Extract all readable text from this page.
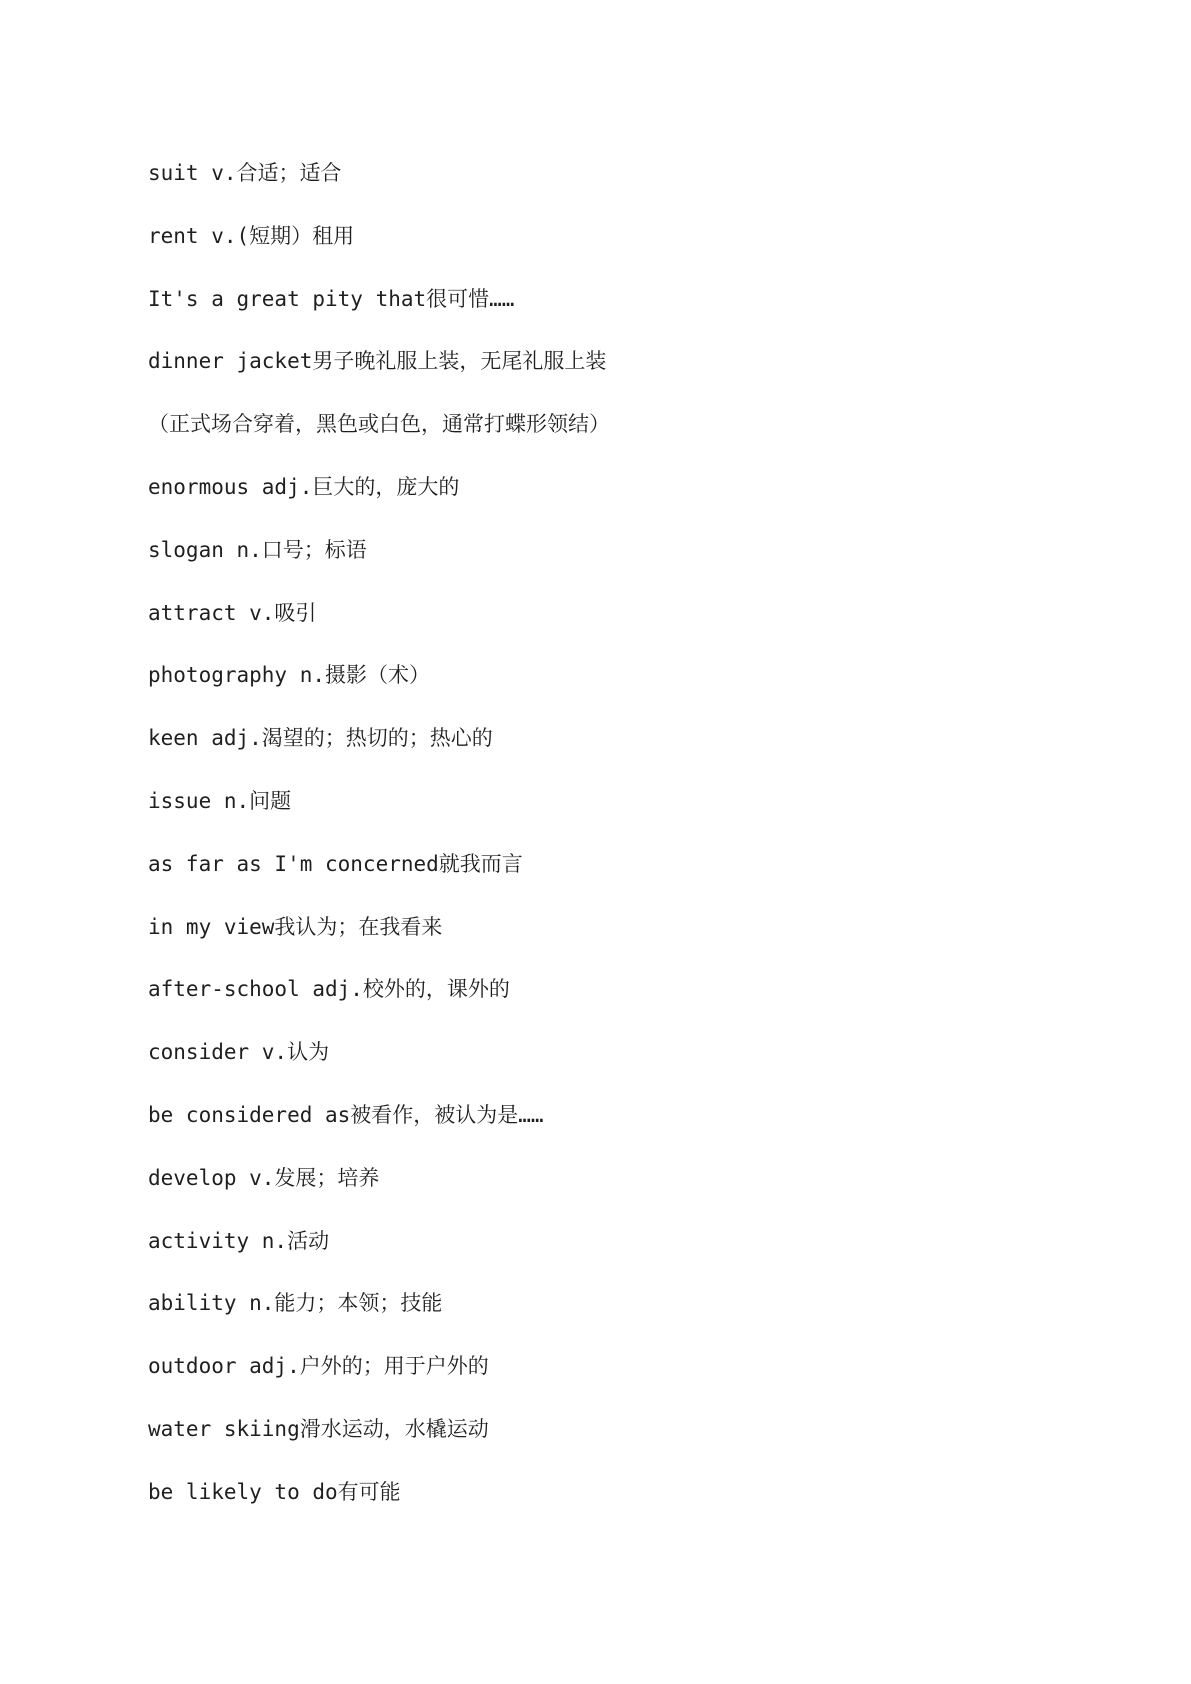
suit v.合适；适合
rent v.(短期）租用
It's a great pity that很可惜……
dinner jacket男子晚礼服上装，无尾礼服上装
（正式场合穿着，黑色或白色，通常打蝶形领结）
enormous adj.巨大的，庞大的
slogan n.口号；标语
attract v.吸引
photography n.摄影（术）
keen adj.渴望的；热切的；热心的
issue n.问题
as far as I'm concerned就我而言
in my view我认为；在我看来
after-school adj.校外的，课外的
consider v.认为
be considered as被看作，被认为是……
develop v.发展；培养
activity n.活动
ability n.能力；本领；技能
outdoor adj.户外的；用于户外的
water skiing滑水运动，水橇运动
be likely to do有可能
